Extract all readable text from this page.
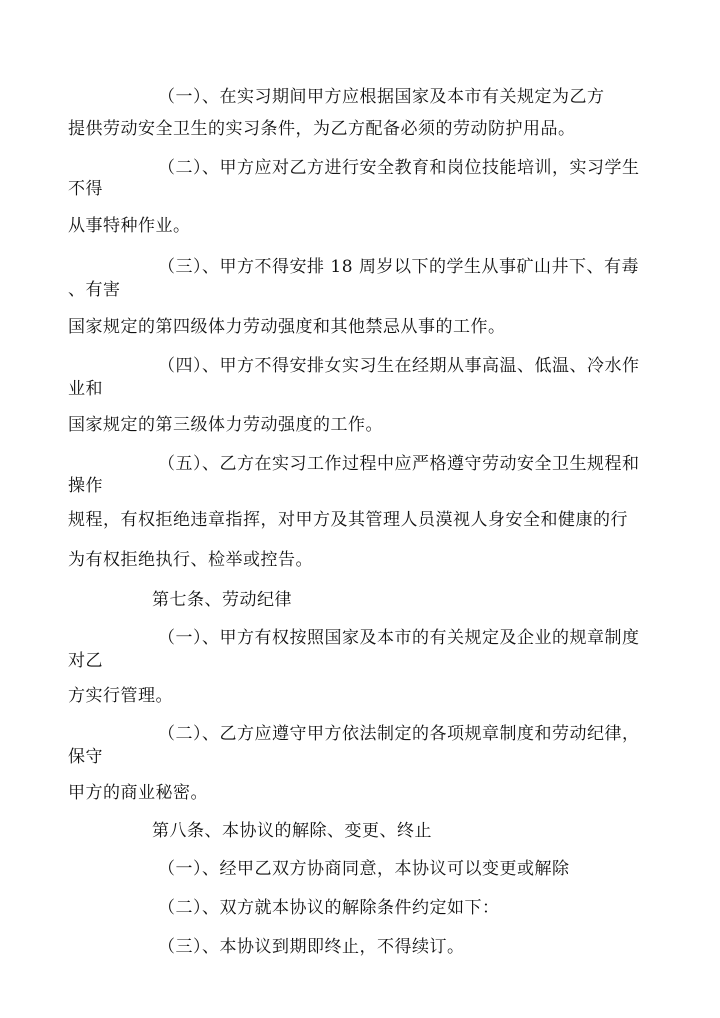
（一）、在实习期间甲方应根据国家及本市有关规定为乙方
提供劳动安全卫生的实习条件，为乙方配备必须的劳动防护用品。
（二）、甲方应对乙方进行安全教育和岗位技能培训，实习学生
不得
从事特种作业。
（三）、甲方不得安排 18 周岁以下的学生从事矿山井下、有毒
、有害
国家规定的第四级体力劳动强度和其他禁忌从事的工作。
（四）、甲方不得安排女实习生在经期从事高温、低温、冷水作
业和
国家规定的第三级体力劳动强度的工作。
（五）、乙方在实习工作过程中应严格遵守劳动安全卫生规程和
操作
规程，有权拒绝违章指挥，对甲方及其管理人员漠视人身安全和健康的行
为有权拒绝执行、检举或控告。
第七条、劳动纪律
（一）、甲方有权按照国家及本市的有关规定及企业的规章制度
对乙
方实行管理。
（二）、乙方应遵守甲方依法制定的各项规章制度和劳动纪律，
保守
甲方的商业秘密。
第八条、本协议的解除、变更、终止
（一）、经甲乙双方协商同意，本协议可以变更或解除
（二）、双方就本协议的解除条件约定如下：
（三）、本协议到期即终止，不得续订。
